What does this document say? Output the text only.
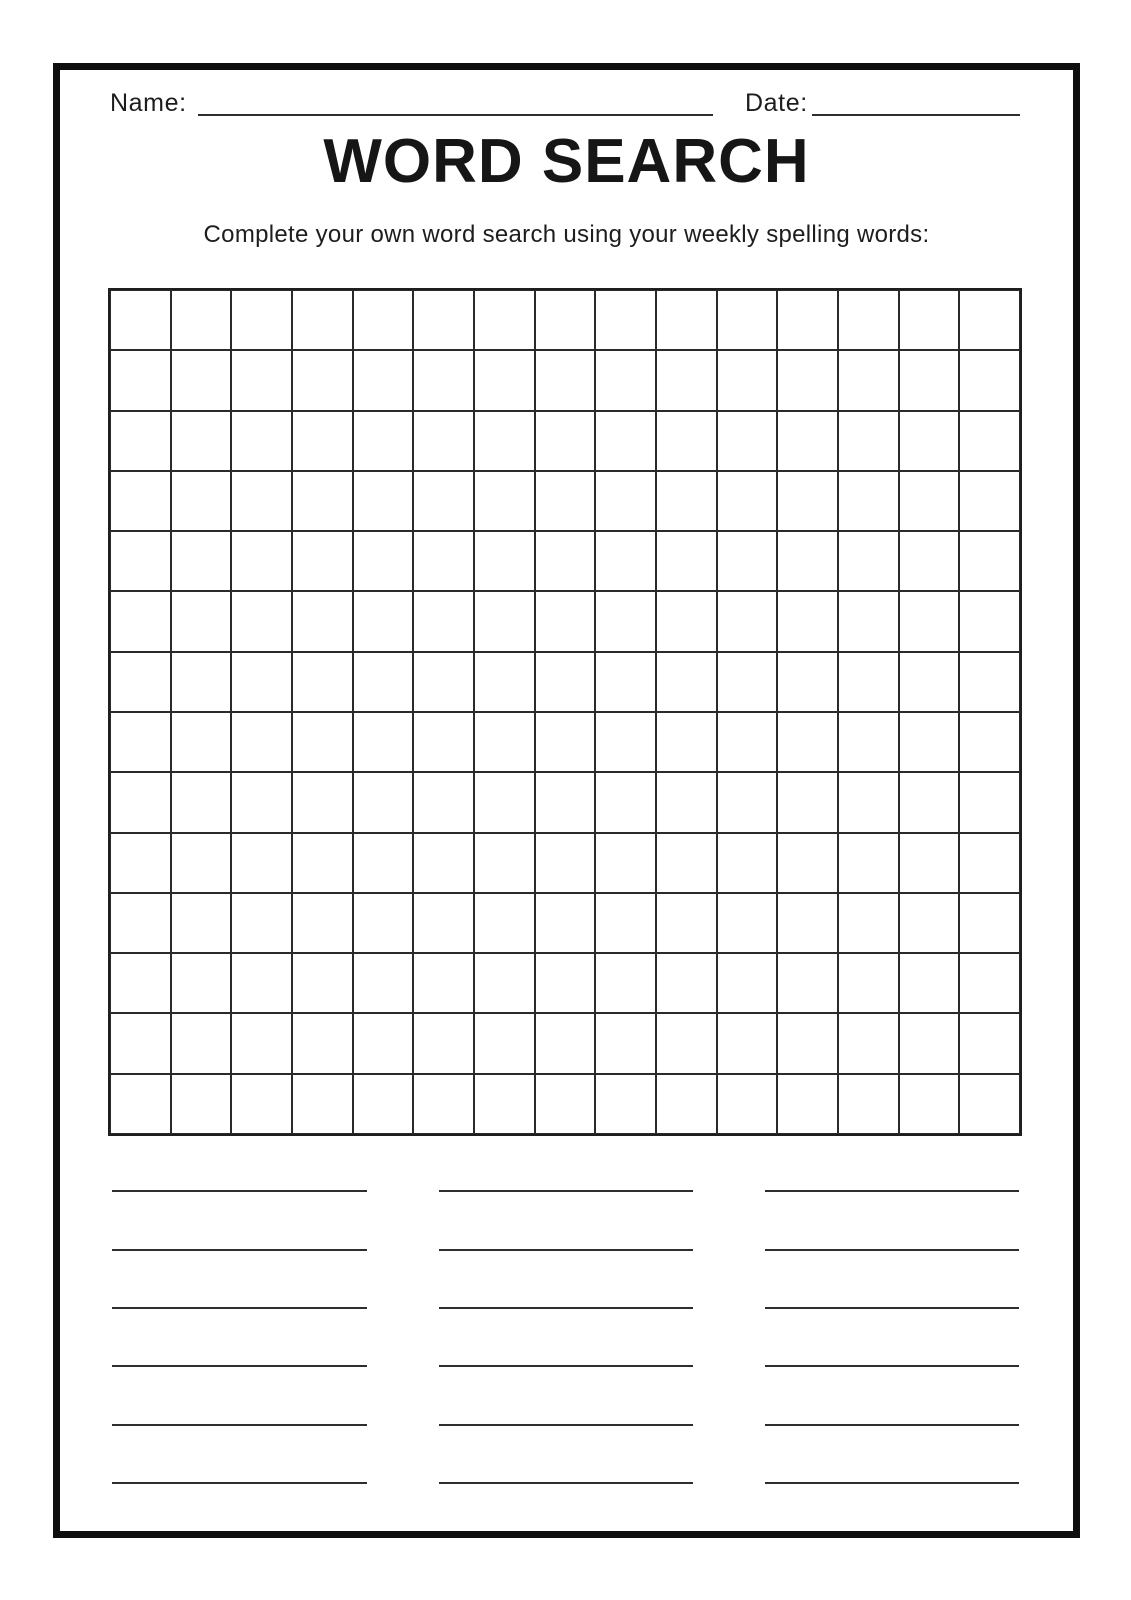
Name:	Date:
WORD SEARCH

Complete your own word search using your weekly spelling words:
